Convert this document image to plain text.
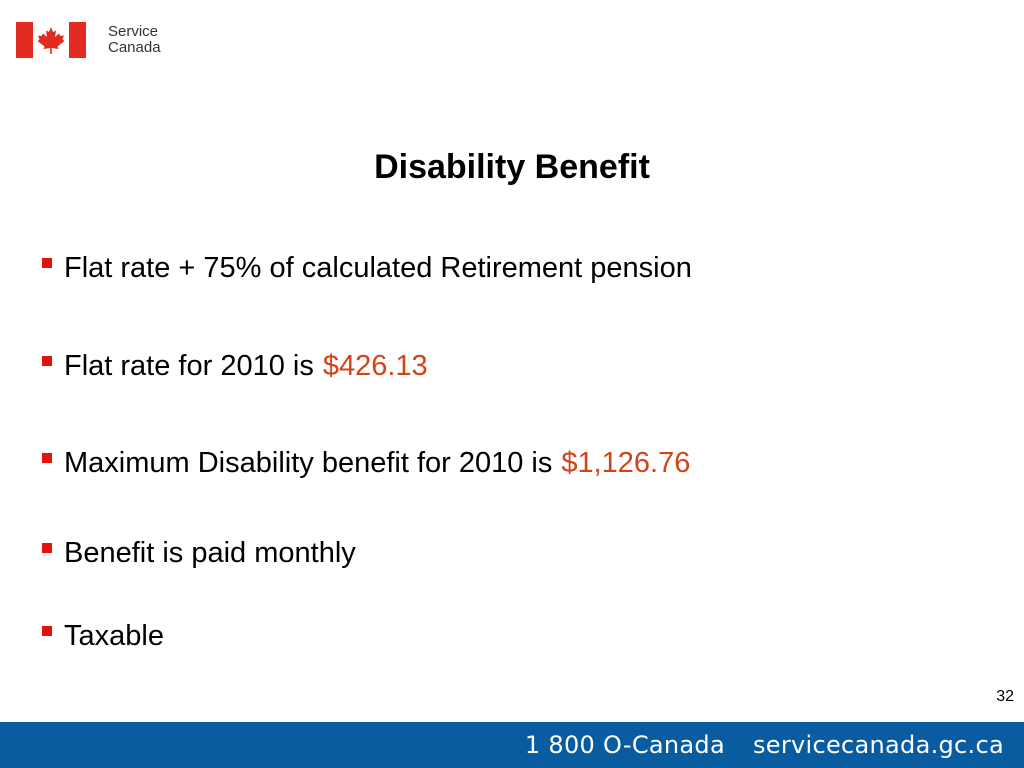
Service
Canada
Disability Benefit
Flat rate + 75% of calculated Retirement pension
Flat rate for 2010 is $426.13
Maximum Disability benefit for 2010 is $1,126.76
Benefit is paid monthly
Taxable
32
1 800 O-Canada servicecanada.gc.ca
